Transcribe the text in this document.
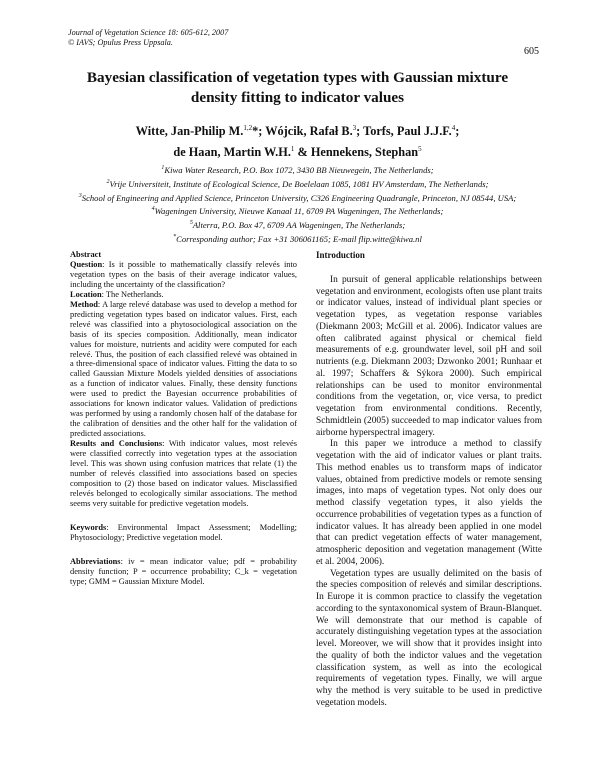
Journal of Vegetation Science 18: 605-612, 2007
© IAVS; Opulus Press Uppsala.
605
Bayesian classification of vegetation types with Gaussian mixture
density fitting to indicator values
Witte, Jan-Philip M.$^{1,2}$*; Wójcik, Rafał B.$^3$; Torfs, Paul J.J.F.$^4$;
de Haan, Martin W.H.$^1$ & Hennekens, Stephan$^5$
$^1$Kiwa Water Research, P.O. Box 1072, 3430 BB Nieuwegein, The Netherlands;
$^2$Vrije Universiteit, Institute of Ecological Science, De Boelelaan 1085, 1081 HV Amsterdam, The Netherlands;
$^3$School of Engineering and Applied Science, Princeton University, C326 Engineering Quadrangle, Princeton, NJ 08544, USA;
$^4$Wageningen University, Nieuwe Kanaal 11, 6709 PA Wageningen, The Netherlands;
$^5$Alterra, P.O. Box 47, 6709 AA Wageningen, The Netherlands;
*Corresponding author; Fax +31 306061165; E-mail flip.witte@kiwa.nl

Abstract

Question: Is it possible to mathematically classify relevés into vegetation types on the basis of their average indicator values, including the uncertainty of the classification?

Location: The Netherlands.

Method: A large relevé database was used to develop a method for predicting vegetation types based on indicator values. First, each relevé was classified into a phytosociological association on the basis of its species composition. Additionally, mean indicator values for moisture, nutrients and acidity were computed for each relevé. Thus, the position of each classified relevé was obtained in a three-dimensional space of indicator values. Fitting the data to so called Gaussian Mixture Models yielded densities of associations as a function of indicator values. Finally, these density functions were used to predict the Bayesian occurrence probabilities of associations for known indicator values. Validation of predictions was performed by using a randomly chosen half of the database for the calibration of densities and the other half for the validation of predicted associations.

Results and Conclusions: With indicator values, most relevés were classified correctly into vegetation types at the association level. This was shown using confusion matrices that relate (1) the number of relevés classified into associations based on species composition to (2) those based on indicator values. Misclassified relevés belonged to ecologically similar associations. The method seems very suitable for predictive vegetation models.

Keywords: Environmental Impact Assessment; Modelling; Phytosociology; Predictive vegetation model.

Abbreviations: iv = mean indicator value; pdf = probability density function; P = occurrence probability; C_k = vegetation type; GMM = Gaussian Mixture Model.

Introduction

In pursuit of general applicable relationships between vegetation and environment, ecologists often use plant traits or indicator values, instead of individual plant species or vegetation types, as vegetation response variables (Diekmann 2003; McGill et al. 2006). Indicator values are often calibrated against physical or chemical field measurements of e.g. groundwater level, soil pH and soil nutrients (e.g. Diekmann 2003; Dzwonko 2001; Runhaar et al. 1997; Schaffers & Sýkora 2000). Such empirical relationships can be used to monitor environmental conditions from the vegetation, or, vice versa, to predict vegetation from environmental conditions. Recently, Schmidtlein (2005) succeeded to map indicator values from airborne hyperspectral imagery.

In this paper we introduce a method to classify vegetation with the aid of indicator values or plant traits. This method enables us to transform maps of indicator values, obtained from predictive models or remote sensing images, into maps of vegetation types. Not only does our method classify vegetation types, it also yields the occurrence probabilities of vegetation types as a function of indicator values. It has already been applied in one model that can predict vegetation effects of water management, atmospheric deposition and vegetation management (Witte et al. 2004, 2006).

Vegetation types are usually delimited on the basis of the species composition of relevés and similar descriptions. In Europe it is common practice to classify the vegetation according to the syntaxonomical system of Braun-Blanquet. We will demonstrate that our method is capable of accurately distinguishing vegetation types at the association level. Moreover, we will show that it provides insight into the quality of both the indictor values and the vegetation classification system, as well as into the ecological requirements of vegetation types. Finally, we will argue why the method is very suitable to be used in predictive vegetation models.
